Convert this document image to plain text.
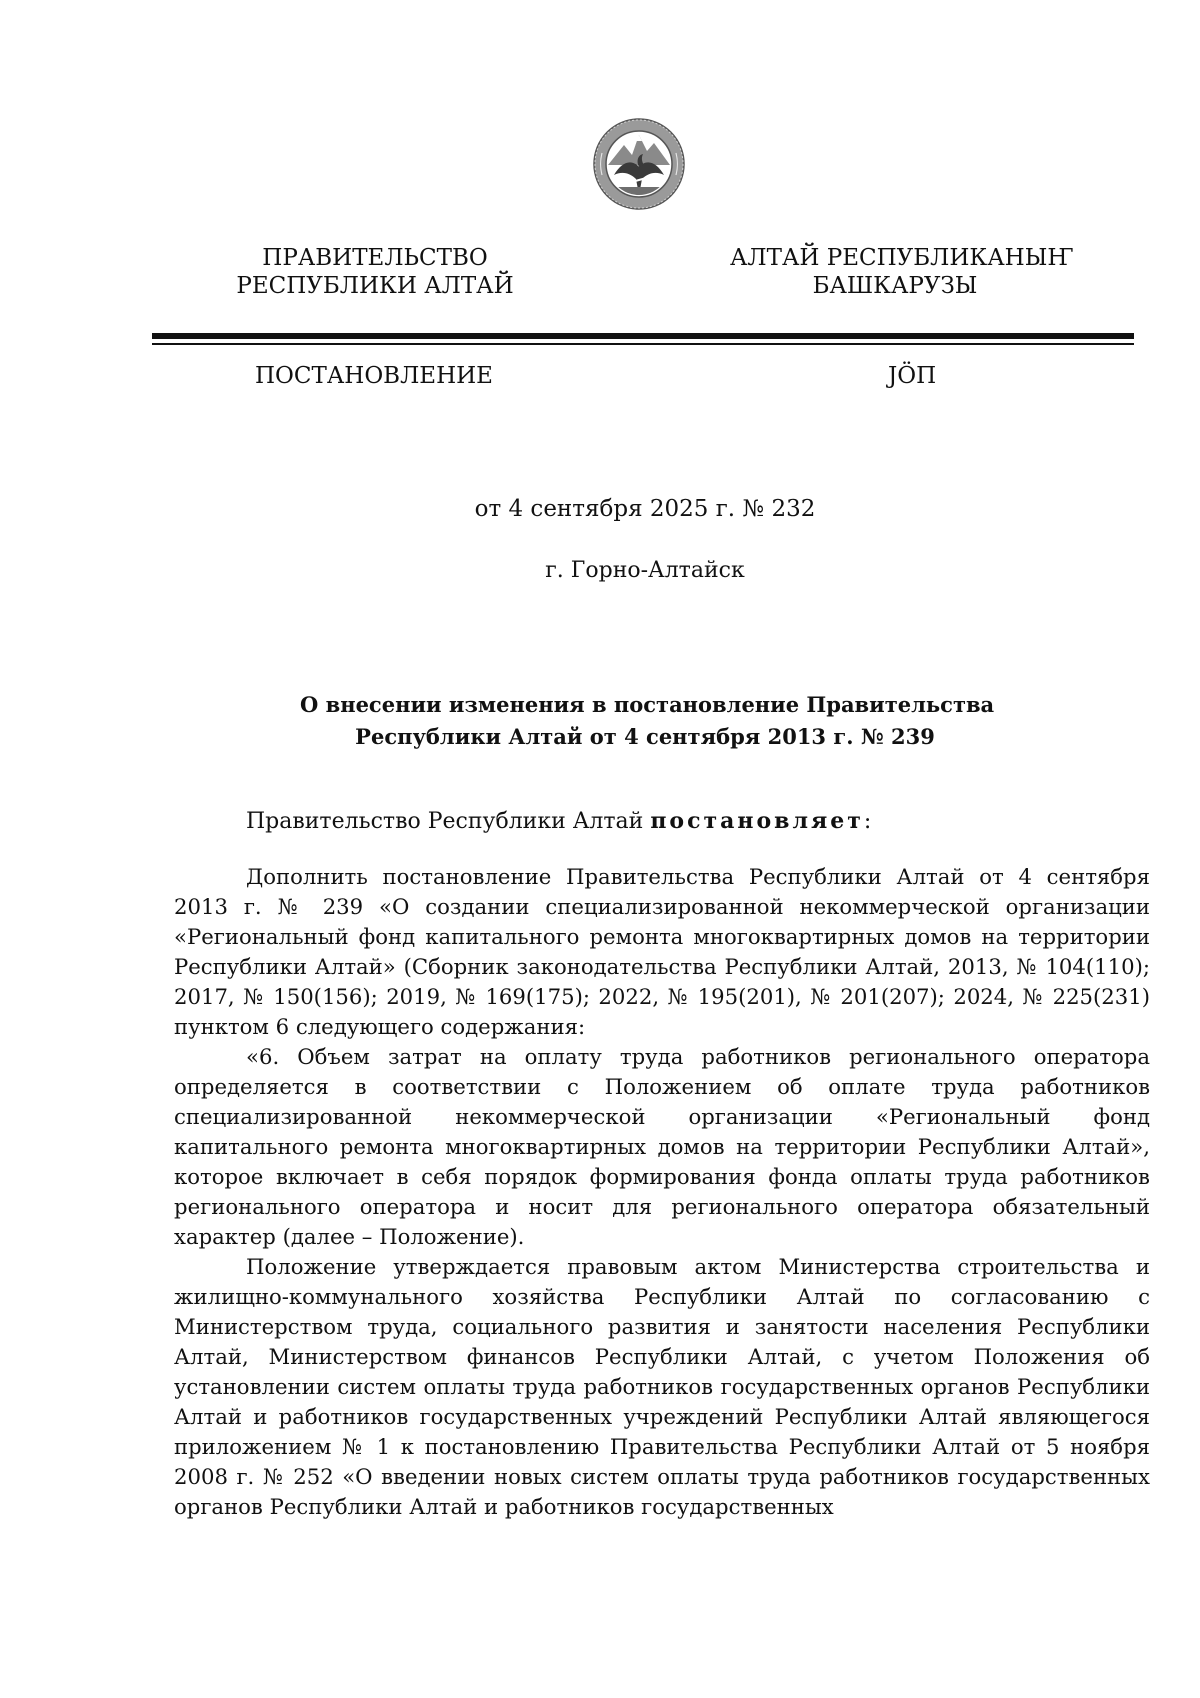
ПРАВИТЕЛЬСТВО
РЕСПУБЛИКИ АЛТАЙ
АЛТАЙ РЕСПУБЛИКАНЫҤ
БАШКАРУЗЫ
ПОСТАНОВЛЕНИЕ	JÖП
от 4 сентября 2025 г. № 232
г. Горно-Алтайск
О внесении изменения в постановление Правительства
Республики Алтай от 4 сентября 2013 г. № 239
Правительство Республики Алтай постановляет:

Дополнить постановление Правительства Республики Алтай от 4 сентября 2013 г. № 239 «О создании специализированной некоммерческой организации «Региональный фонд капитального ремонта многоквартирных домов на территории Республики Алтай» (Сборник законодательства Республики Алтай, 2013, № 104(110); 2017, № 150(156); 2019, № 169(175); 2022, № 195(201), № 201(207); 2024, № 225(231) пунктом 6 следующего содержания:

«6. Объем затрат на оплату труда работников регионального оператора определяется в соответствии с Положением об оплате труда работников специализированной некоммерческой организации «Региональный фонд капитального ремонта многоквартирных домов на территории Республики Алтай», которое включает в себя порядок формирования фонда оплаты труда работников регионального оператора и носит для регионального оператора обязательный характер (далее – Положение).

Положение утверждается правовым актом Министерства строительства и жилищно-коммунального хозяйства Республики Алтай по согласованию с Министерством труда, социального развития и занятости населения Республики Алтай, Министерством финансов Республики Алтай, с учетом Положения об установлении систем оплаты труда работников государственных органов Республики Алтай и работников государственных учреждений Республики Алтай являющегося приложением № 1 к постановлению Правительства Республики Алтай от 5 ноября 2008 г. № 252 «О введении новых систем оплаты труда работников государственных органов Республики Алтай и работников государственных
